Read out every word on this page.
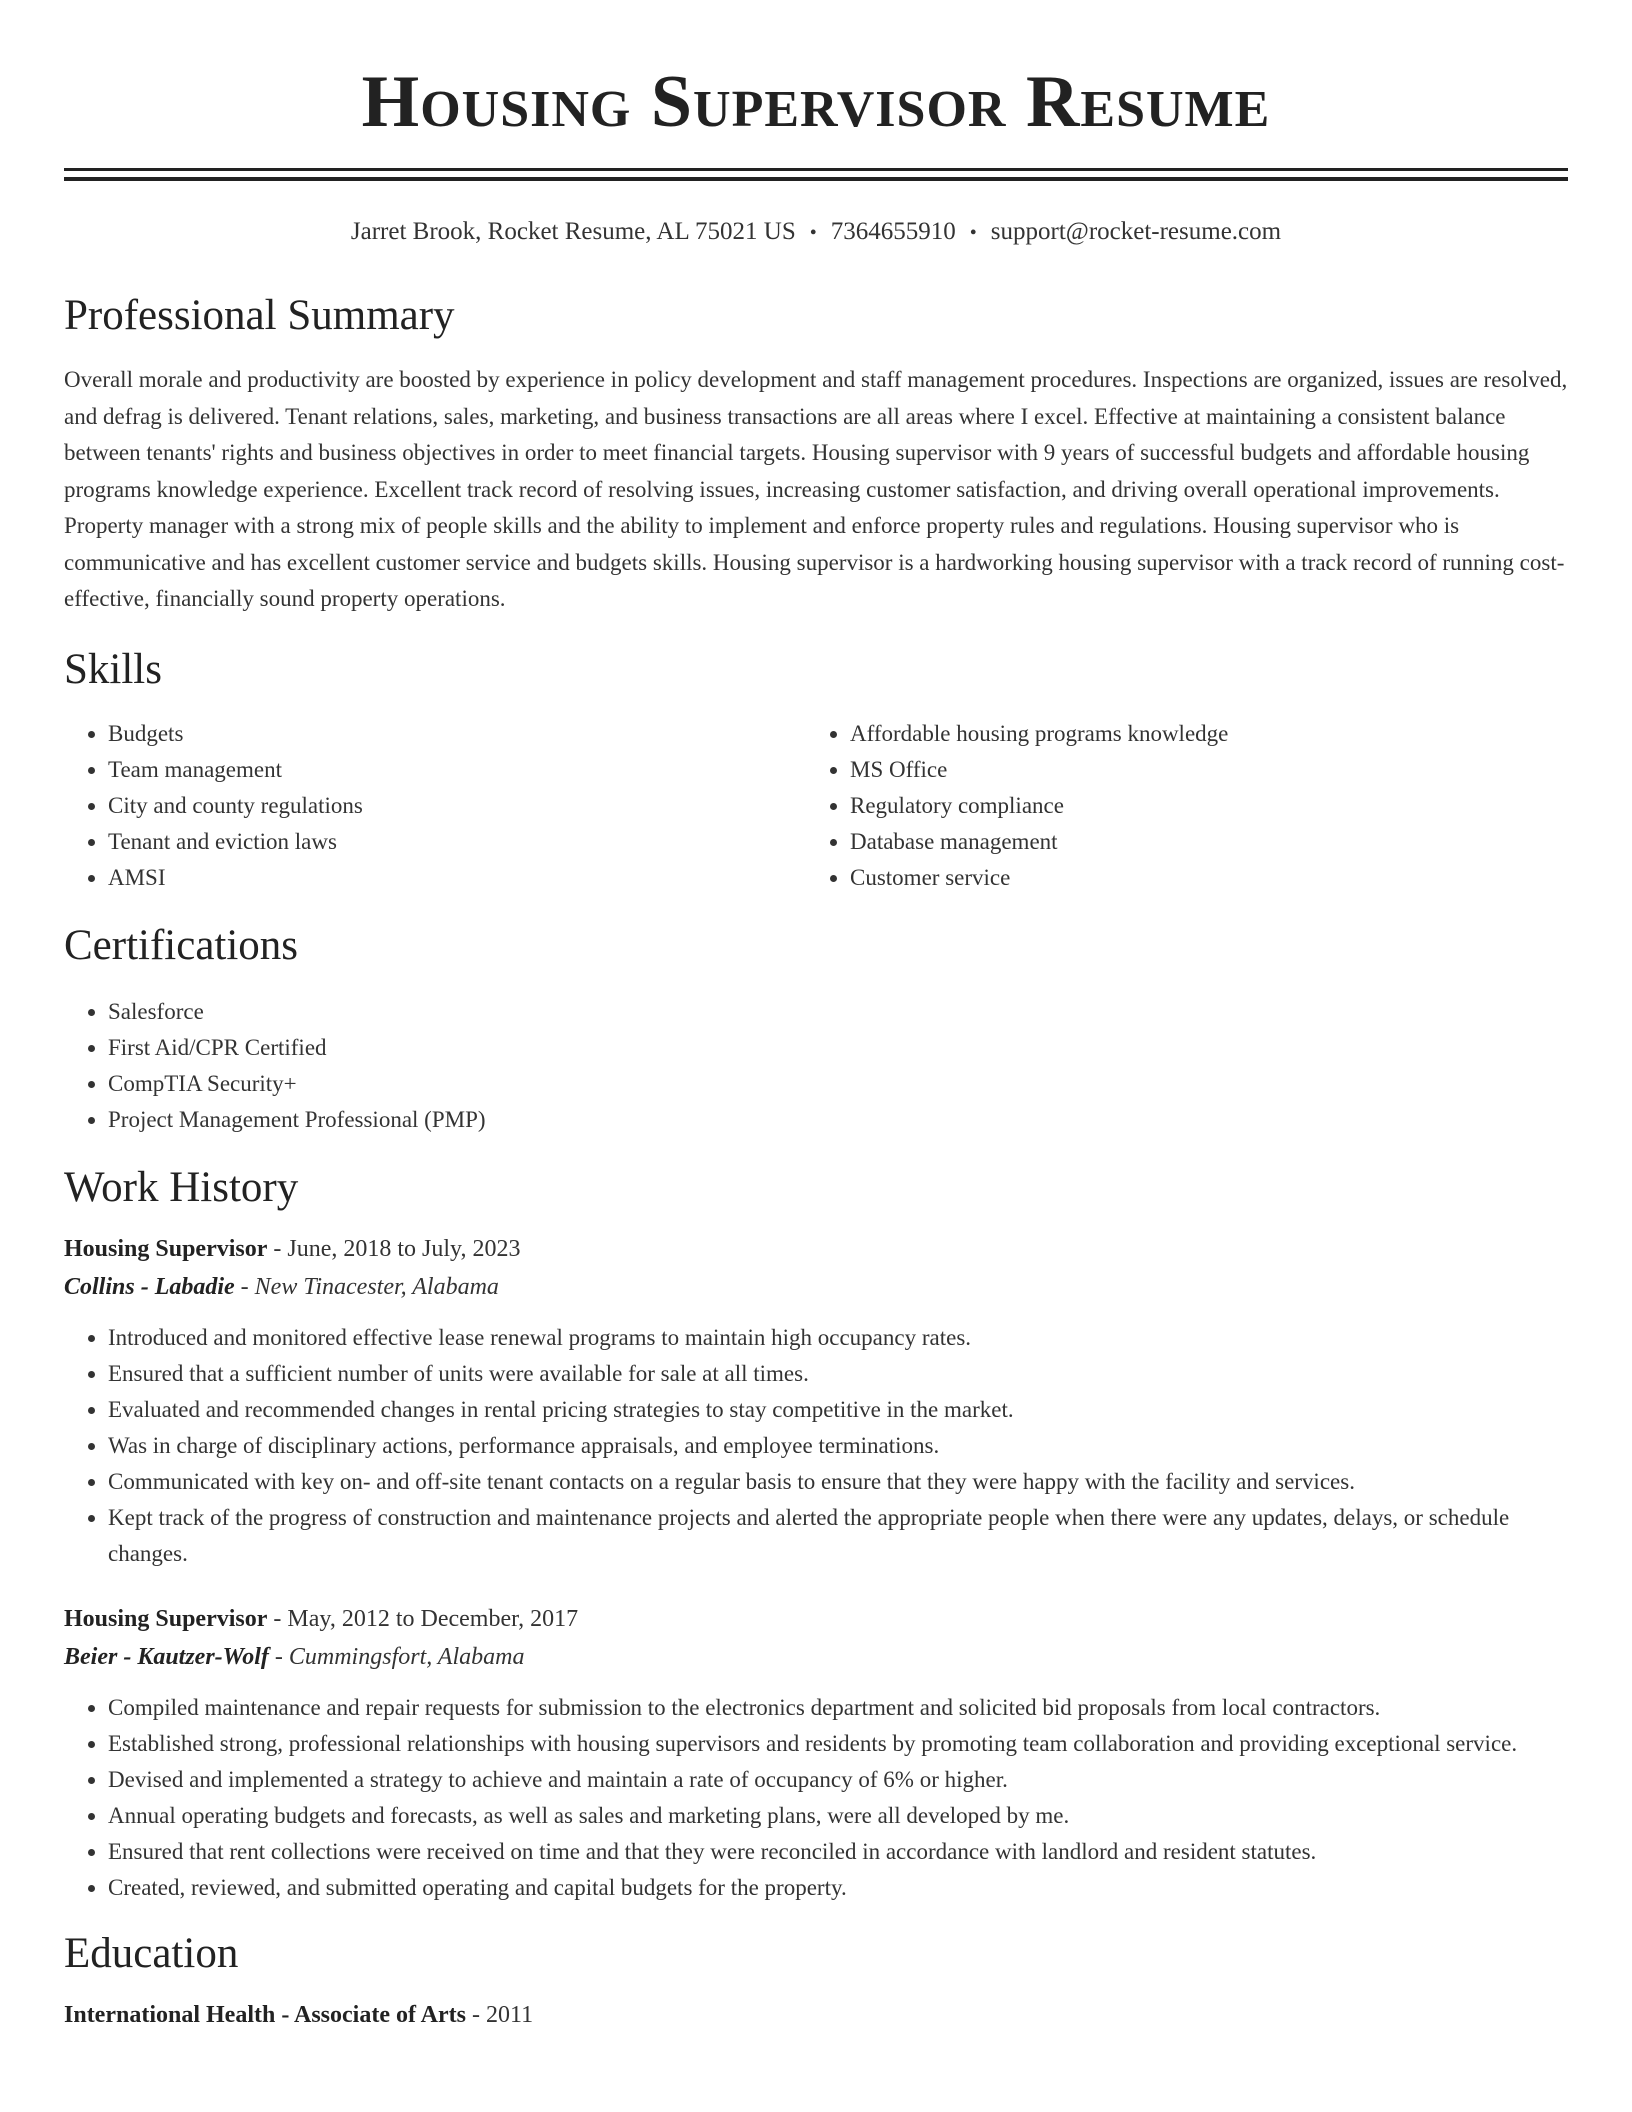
Housing Supervisor Resume
Jarret Brook, Rocket Resume, AL 75021 US • 7364655910 • support@rocket-resume.com
Professional Summary

Overall morale and productivity are boosted by experience in policy development and staff management procedures. Inspections are organized, issues are resolved, and defrag is delivered. Tenant relations, sales, marketing, and business transactions are all areas where I excel. Effective at maintaining a consistent balance between tenants' rights and business objectives in order to meet financial targets. Housing supervisor with 9 years of successful budgets and affordable housing programs knowledge experience. Excellent track record of resolving issues, increasing customer satisfaction, and driving overall operational improvements. Property manager with a strong mix of people skills and the ability to implement and enforce property rules and regulations. Housing supervisor who is communicative and has excellent customer service and budgets skills. Housing supervisor is a hardworking housing supervisor with a track record of running cost-effective, financially sound property operations.

Skills
• Budgets
• Team management
• City and county regulations
• Tenant and eviction laws
• AMSI
• Affordable housing programs knowledge
• MS Office
• Regulatory compliance
• Database management
• Customer service
Certifications
• Salesforce
• First Aid/CPR Certified
• CompTIA Security+
• Project Management Professional (PMP)
Work History
Housing Supervisor - June, 2018 to July, 2023
Collins - Labadie - New Tinacester, Alabama
• Introduced and monitored effective lease renewal programs to maintain high occupancy rates.
• Ensured that a sufficient number of units were available for sale at all times.
• Evaluated and recommended changes in rental pricing strategies to stay competitive in the market.
• Was in charge of disciplinary actions, performance appraisals, and employee terminations.
• Communicated with key on- and off-site tenant contacts on a regular basis to ensure that they were happy with the facility and services.
• Kept track of the progress of construction and maintenance projects and alerted the appropriate people when there were any updates, delays, or schedule changes.
Housing Supervisor - May, 2012 to December, 2017
Beier - Kautzer-Wolf - Cummingsfort, Alabama
• Compiled maintenance and repair requests for submission to the electronics department and solicited bid proposals from local contractors.
• Established strong, professional relationships with housing supervisors and residents by promoting team collaboration and providing exceptional service.
• Devised and implemented a strategy to achieve and maintain a rate of occupancy of 6% or higher.
• Annual operating budgets and forecasts, as well as sales and marketing plans, were all developed by me.
• Ensured that rent collections were received on time and that they were reconciled in accordance with landlord and resident statutes.
• Created, reviewed, and submitted operating and capital budgets for the property.
Education
International Health - Associate of Arts - 2011
